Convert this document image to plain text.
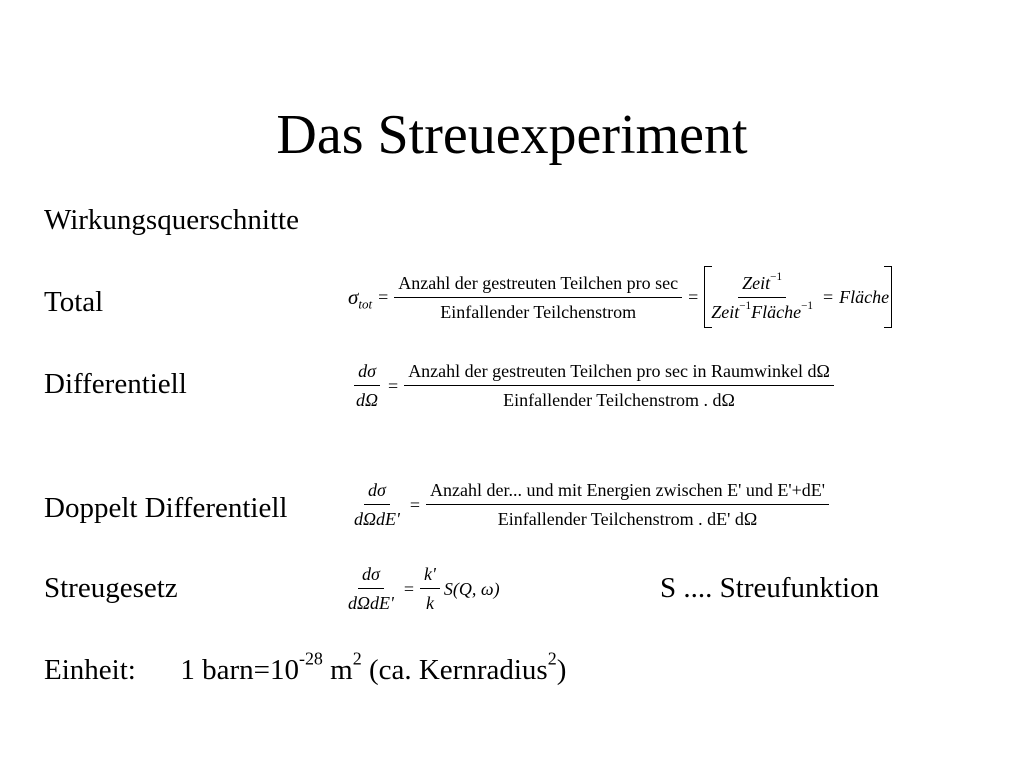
Das Streuexperiment
Wirkungsquerschnitte
Total	$\sigma_{tot} = \frac{\text{Anzahl der gestreuten Teilchen pro sec}}{\text{Einfallender Teilchenstrom}} = \frac{Zeit^{-1}}{Zeit^{-1}Fläche^{-1}}$ = Fläche
Differentiell	$\frac{d\sigma}{d\Omega} = \frac{\text{Anzahl der gestreuten Teilchen pro sec in Raumwinkel dΩ}}{\text{Einfallender Teilchenstrom . dΩ}}$
Doppelt Differentiell	$\frac{d\sigma}{\text{dΩdE'}} = \frac{\text{Anzahl der... und mit Energien zwischen E' und E'+dE'}}{\text{Einfallender Teilchenstrom . dE' dΩ}}$
Streugesetz	$\frac{d\sigma}{\text{dΩdE'}} = \frac{k'}{k} S(Q$, ω)	S .... Streufunktion
Einheit: 1 $barn=10^{-28}$ $m^2$ (ca. Kernradius$^2$)
